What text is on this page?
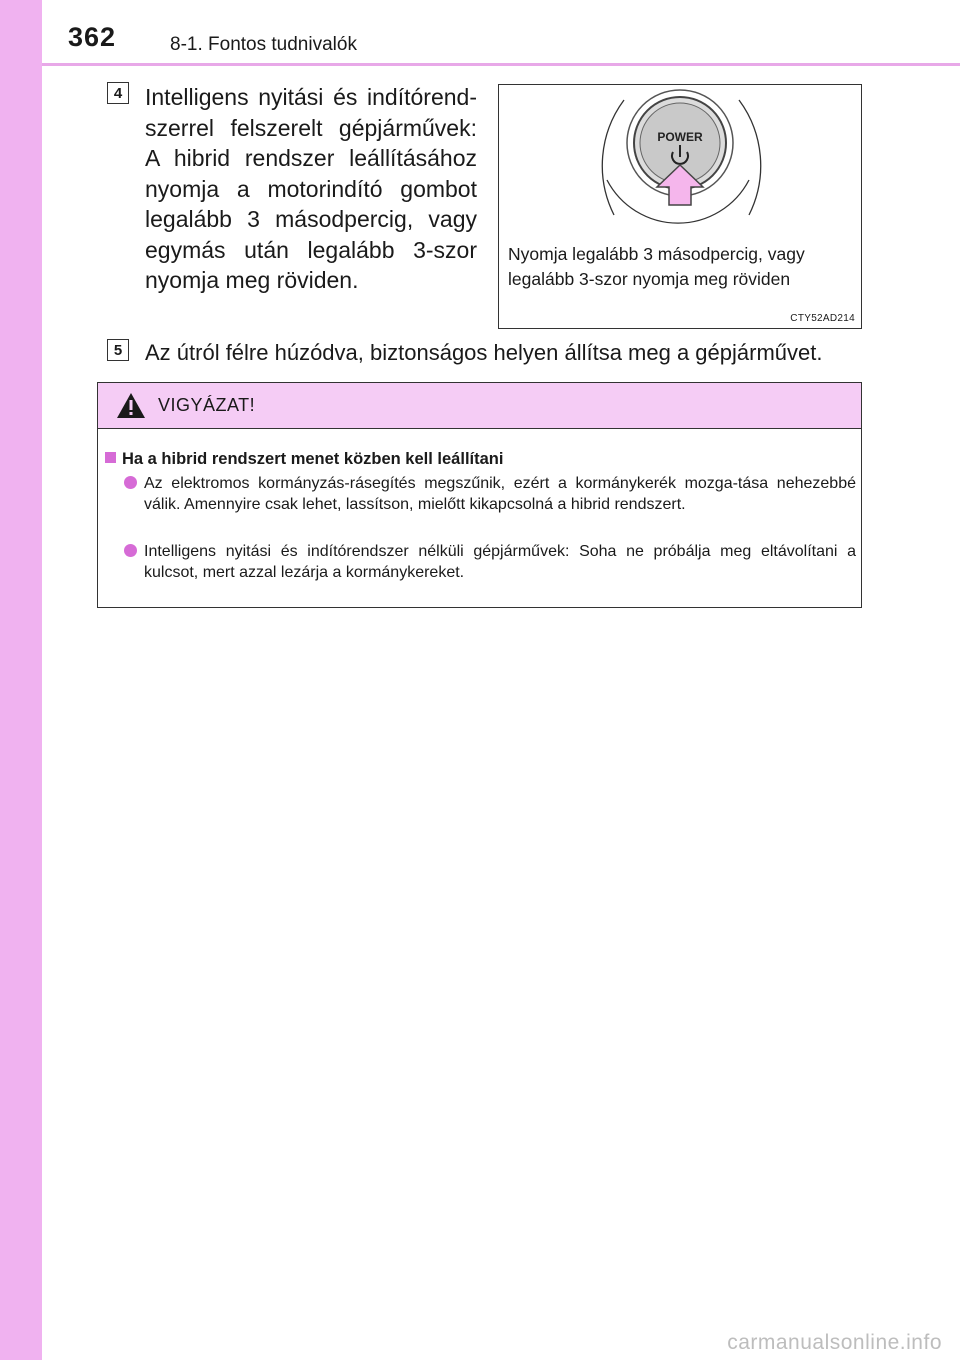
362	8-1. Fontos tudnivalók
4 Intelligens nyitási és indítórend-szerrel felszerelt gépjárművek: A hibrid rendszer leállításához nyomja a motorindító gombot legalább 3 másodpercig, vagy egymás után legalább 3-szor nyomja meg röviden.
POWER
Nyomja legalább 3 másodpercig, vagy legalább 3-szor nyomja meg röviden
CTY52AD214
5	Az útról félre húzódva, biztonságos helyen állítsa meg a gépjárművet.
VIGYÁZAT!
Ha a hibrid rendszert menet közben kell leállítani
Az elektromos kormányzás-rásegítés megszűnik, ezért a kormánykerék mozga-tása nehezebbé válik. Amennyire csak lehet, lassítson, mielőtt kikapcsolná a hibrid rendszert.
Intelligens nyitási és indítórendszer nélküli gépjárművek: Soha ne próbálja meg eltávolítani a kulcsot, mert azzal lezárja a kormánykereket.
carmanualsonline.info
